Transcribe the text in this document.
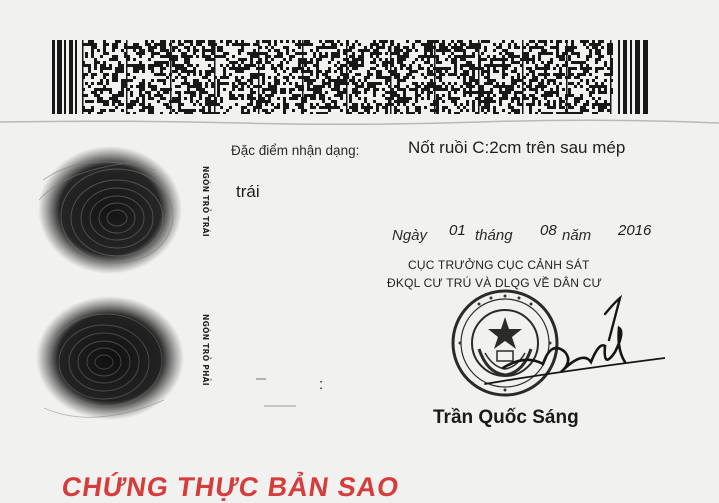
NGÓN TRỎ TRÁI
NGÓN TRỎ PHẢI
Đặc điểm nhận dạng:	Nốt ruồi C:2cm trên sau mép
trái
Ngày 01 tháng 08 năm 2016
CỤC TRƯỞNG CỤC CẢNH SÁT
ĐKQL CƯ TRÚ VÀ DLQG VỀ DÂN CƯ
Trần Quốc Sáng
:
CHỨNG THỰC BẢN SAO
